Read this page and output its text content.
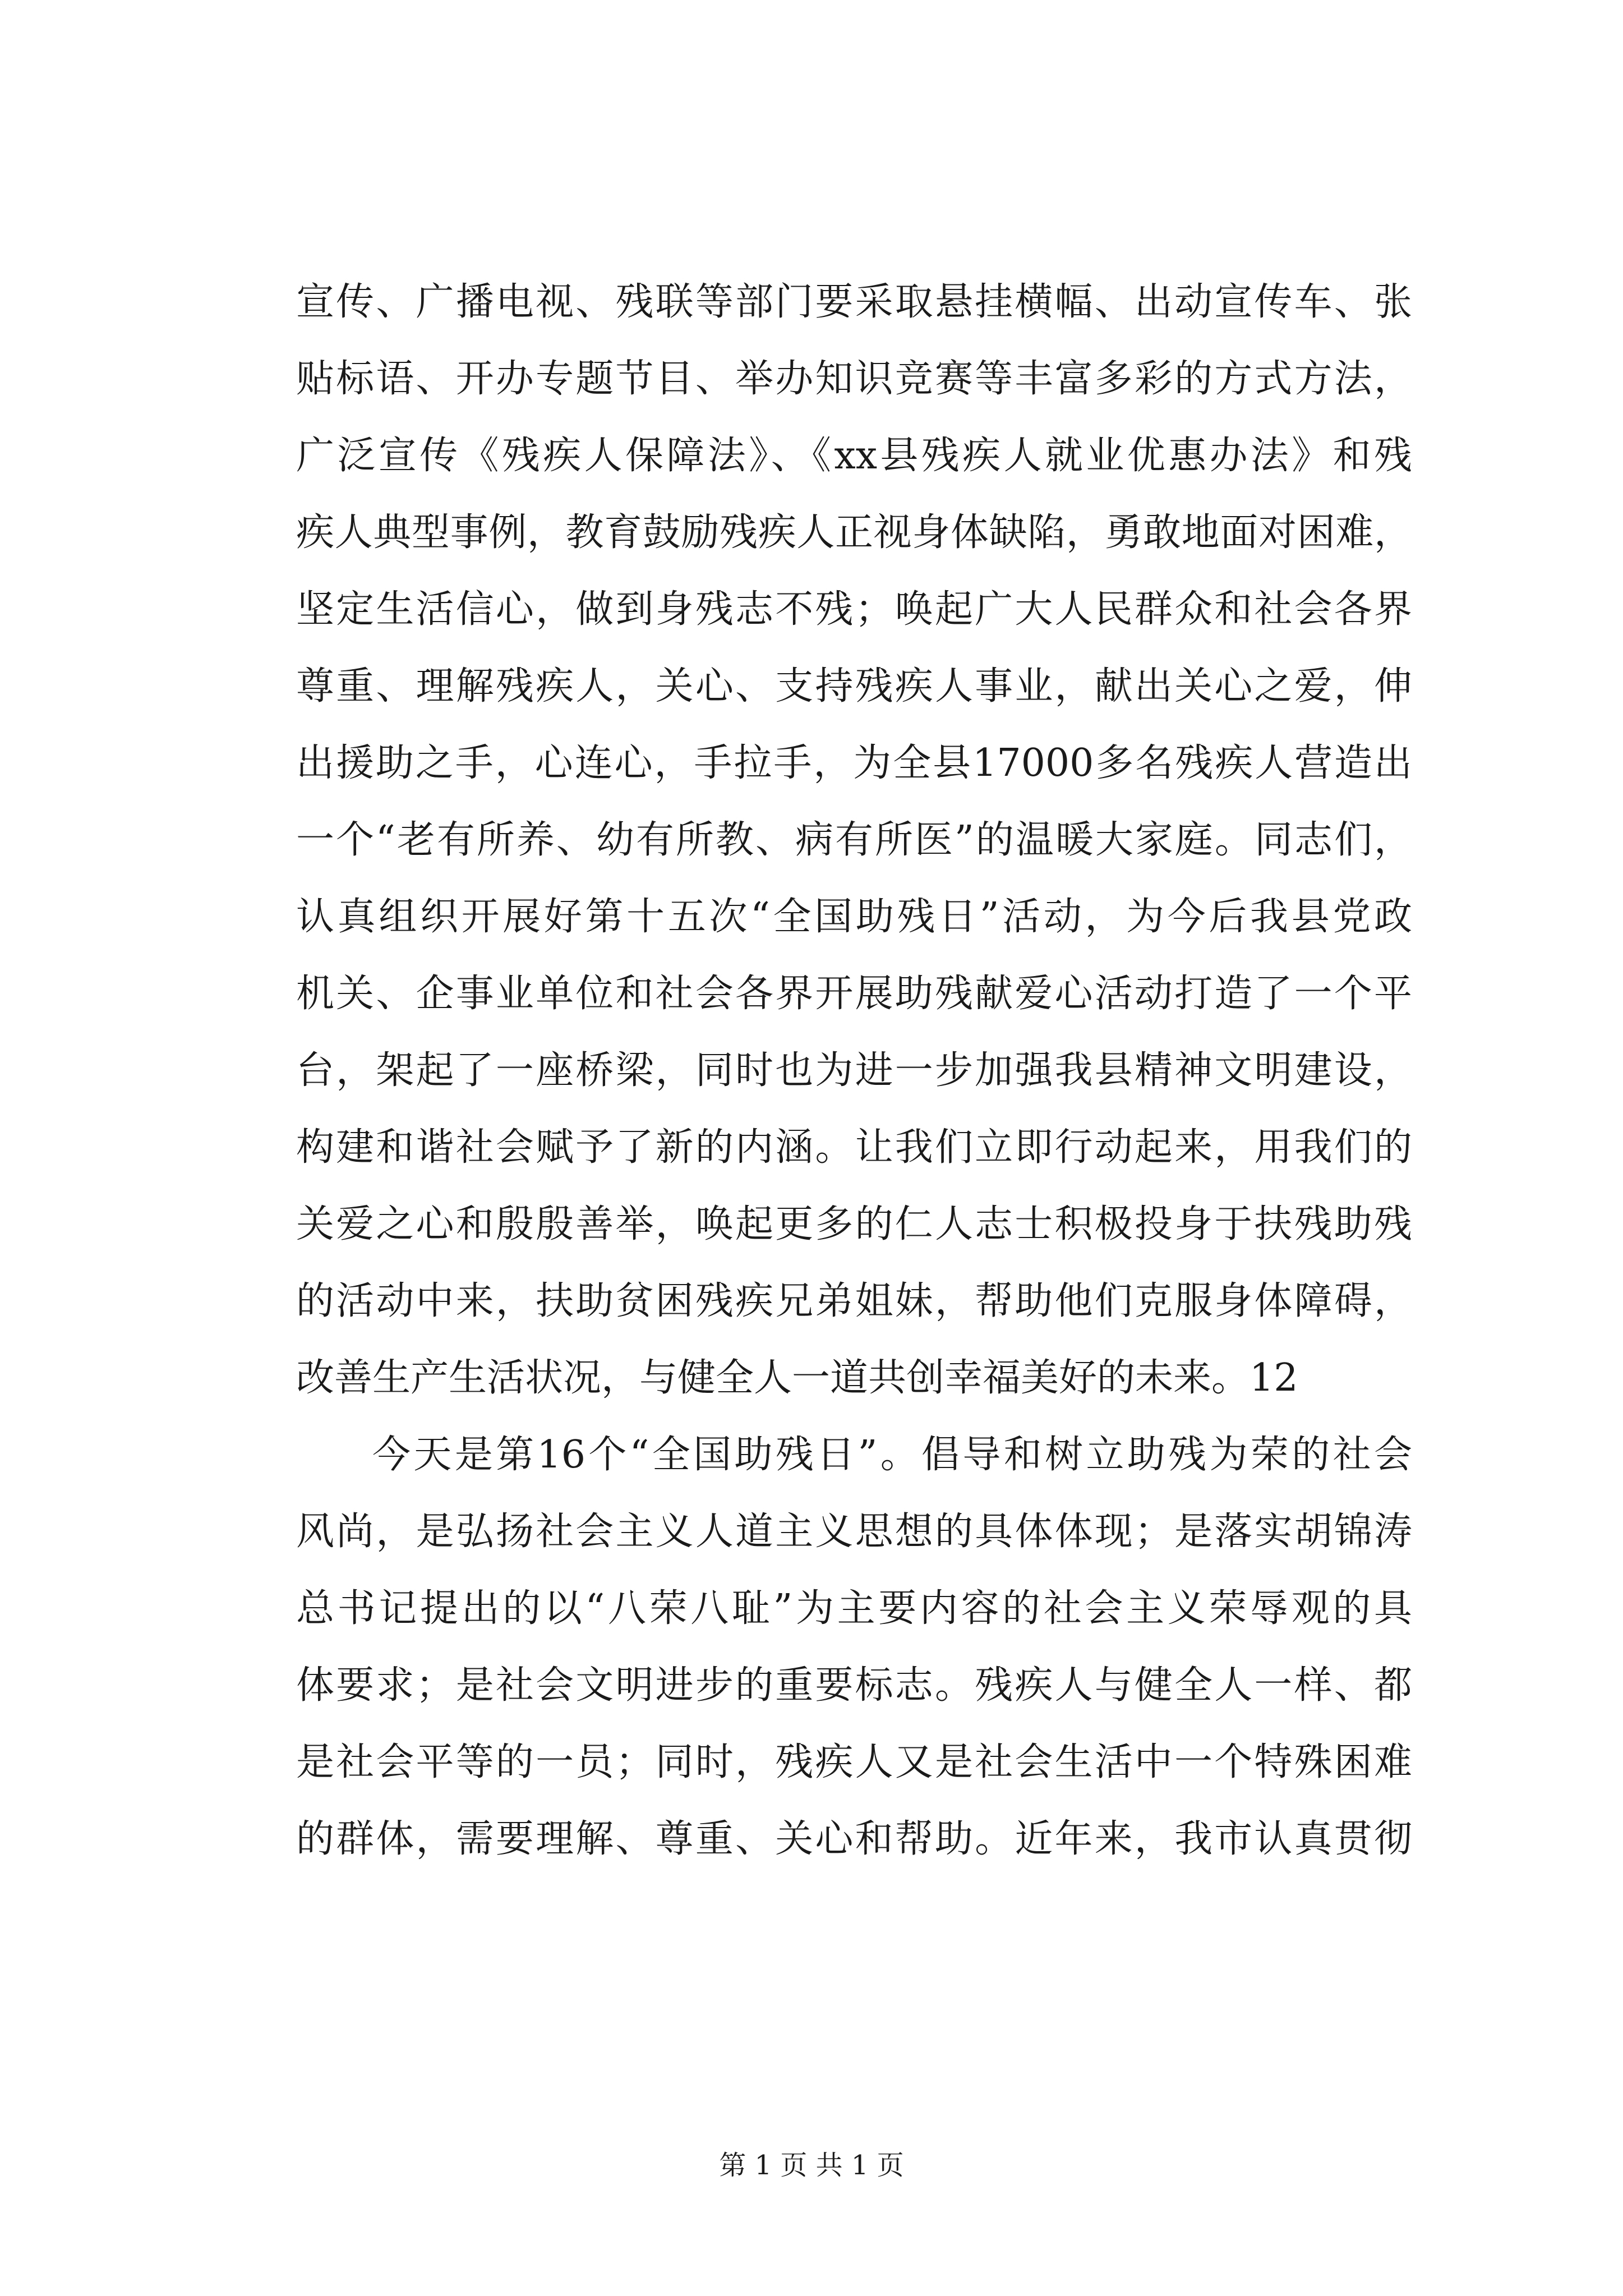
宣传、广播电视、残联等部门要采取悬挂横幅、出动宣传车、张
贴标语、开办专题节目、举办知识竞赛等丰富多彩的方式方法，
广泛宣传《残疾人保障法》、《xx县残疾人就业优惠办法》和残
疾人典型事例，教育鼓励残疾人正视身体缺陷，勇敢地面对困难，
坚定生活信心，做到身残志不残；唤起广大人民群众和社会各界
尊重、理解残疾人，关心、支持残疾人事业，献出关心之爱，伸
出援助之手，心连心，手拉手，为全县17000多名残疾人营造出
一个“老有所养、幼有所教、病有所医”的温暖大家庭。同志们，
认真组织开展好第十五次“全国助残日”活动，为今后我县党政
机关、企事业单位和社会各界开展助残献爱心活动打造了一个平
台，架起了一座桥梁，同时也为进一步加强我县精神文明建设，
构建和谐社会赋予了新的内涵。让我们立即行动起来，用我们的
关爱之心和殷殷善举，唤起更多的仁人志士积极投身于扶残助残
的活动中来，扶助贫困残疾兄弟姐妹，帮助他们克服身体障碍，
改善生产生活状况，与健全人一道共创幸福美好的未来。12
今天是第16个“全国助残日”。倡导和树立助残为荣的社会
风尚，是弘扬社会主义人道主义思想的具体体现；是落实胡锦涛
总书记提出的以“八荣八耻”为主要内容的社会主义荣辱观的具
体要求；是社会文明进步的重要标志。残疾人与健全人一样、都
是社会平等的一员；同时，残疾人又是社会生活中一个特殊困难
的群体，需要理解、尊重、关心和帮助。近年来，我市认真贯彻
第 1 页 共 1 页
